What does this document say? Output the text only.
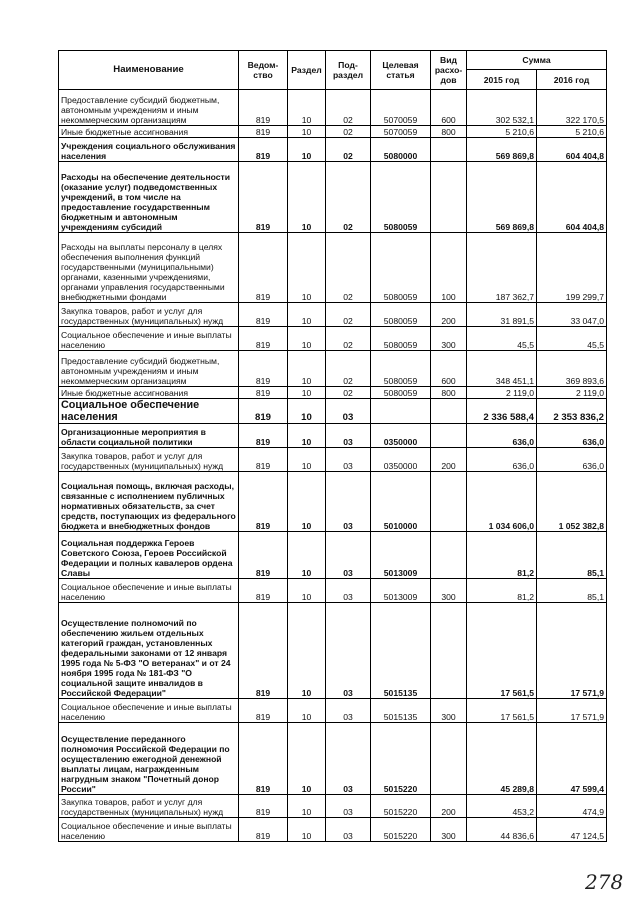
Наименование	Ведом-ство	Раздел	Под-раздел	Целевая статья	Вид расхо-дов	Сумма	
						2015 год	2016 год
Предоставление субсидий бюджетным, автономным учреждениям и иным некоммерческим организациям	819	10	02	5070059	600	302 532,1	322 170,5
Иные бюджетные ассигнования	819	10	02	5070059	800	5 210,6	5 210,6
Учреждения социального обслуживания населения	819	10	02	5080000		569 869,8	604 404,8
Расходы на обеспечение деятельности (оказание услуг) подведомственных учреждений, в том числе на предоставление государственным бюджетным и автономным учреждениям субсидий	819	10	02	5080059		569 869,8	604 404,8
Расходы на выплаты персоналу в целях обеспечения выполнения функций государственными (муниципальными) органами, казенными учреждениями, органами управления государственными внебюджетными фондами	819	10	02	5080059	100	187 362,7	199 299,7
Закупка товаров, работ и услуг для государственных (муниципальных) нужд	819	10	02	5080059	200	31 891,5	33 047,0
Социальное обеспечение и иные выплаты населению	819	10	02	5080059	300	45,5	45,5
Предоставление субсидий бюджетным, автономным учреждениям и иным некоммерческим организациям	819	10	02	5080059	600	348 451,1	369 893,6
Иные бюджетные ассигнования	819	10	02	5080059	800	2 119,0	2 119,0
Социальное обеспечение населения	819	10	03			2 336 588,4	2 353 836,2
Организационные мероприятия в области социальной политики	819	10	03	0350000		636,0	636,0
Закупка товаров, работ и услуг для государственных (муниципальных) нужд	819	10	03	0350000	200	636,0	636,0
Социальная помощь, включая расходы, связанные с исполнением публичных нормативных обязательств, за счет средств, поступающих из федерального бюджета и внебюджетных фондов	819	10	03	5010000		1 034 606,0	1 052 382,8
Социальная поддержка Героев Советского Союза, Героев Российской Федерации и полных кавалеров ордена Славы	819	10	03	5013009		81,2	85,1
Социальное обеспечение и иные выплаты населению	819	10	03	5013009	300	81,2	85,1
Осуществление полномочий по обеспечению жильем отдельных категорий граждан, установленных федеральными законами от 12 января 1995 года № 5-ФЗ "О ветеранах" и от 24 ноября 1995 года № 181-ФЗ "О социальной защите инвалидов в Российской Федерации"	819	10	03	5015135		17 561,5	17 571,9
Социальное обеспечение и иные выплаты населению	819	10	03	5015135	300	17 561,5	17 571,9
Осуществление переданного полномочия Российской Федерации по осуществлению ежегодной денежной выплаты лицам, награжденным нагрудным знаком "Почетный донор России"	819	10	03	5015220		45 289,8	47 599,4
Закупка товаров, работ и услуг для государственных (муниципальных) нужд	819	10	03	5015220	200	453,2	474,9
Социальное обеспечение и иные выплаты населению	819	10	03	5015220	300	44 836,6	47 124,5
278
